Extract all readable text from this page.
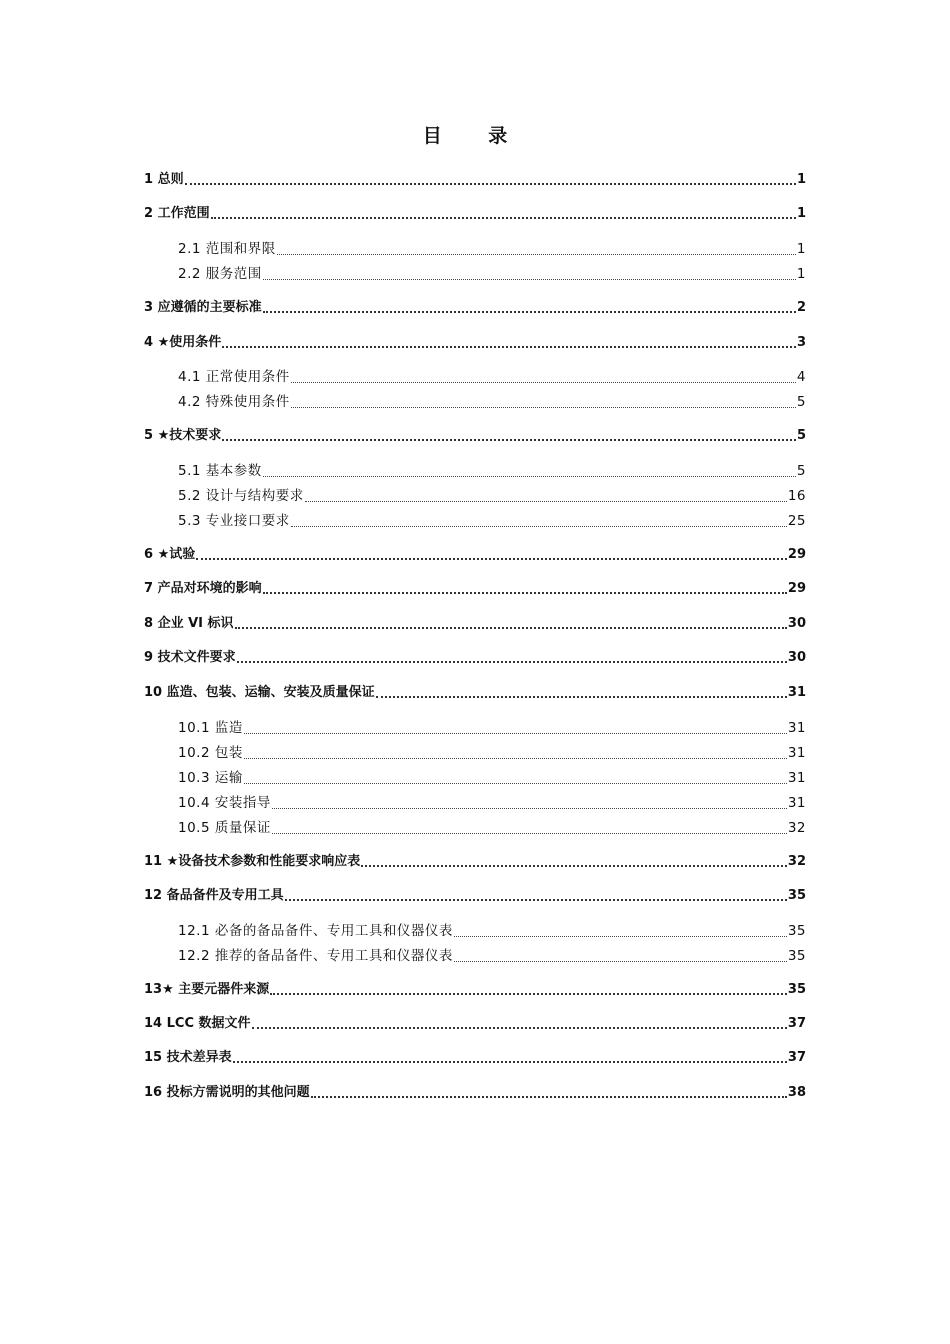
目 录
1 总则	1
2 工作范围	1
2.1 范围和界限	1
2.2 服务范围	1
3 应遵循的主要标准	2
4 ★使用条件	3
4.1 正常使用条件	4
4.2 特殊使用条件	5
5 ★技术要求	5
5.1 基本参数	5
5.2 设计与结构要求	16
5.3 专业接口要求	25
6 ★试验	29
7 产品对环境的影响	29
8 企业 VI 标识	30
9 技术文件要求	30
10 监造、包装、运输、安装及质量保证	31
10.1 监造	31
10.2 包装	31
10.3 运输	31
10.4 安装指导	31
10.5 质量保证	32
11 ★设备技术参数和性能要求响应表	32
12 备品备件及专用工具	35
12.1 必备的备品备件、专用工具和仪器仪表	35
12.2 推荐的备品备件、专用工具和仪器仪表	35
13★ 主要元器件来源	35
14 LCC 数据文件	37
15 技术差异表	37
16 投标方需说明的其他问题	38
